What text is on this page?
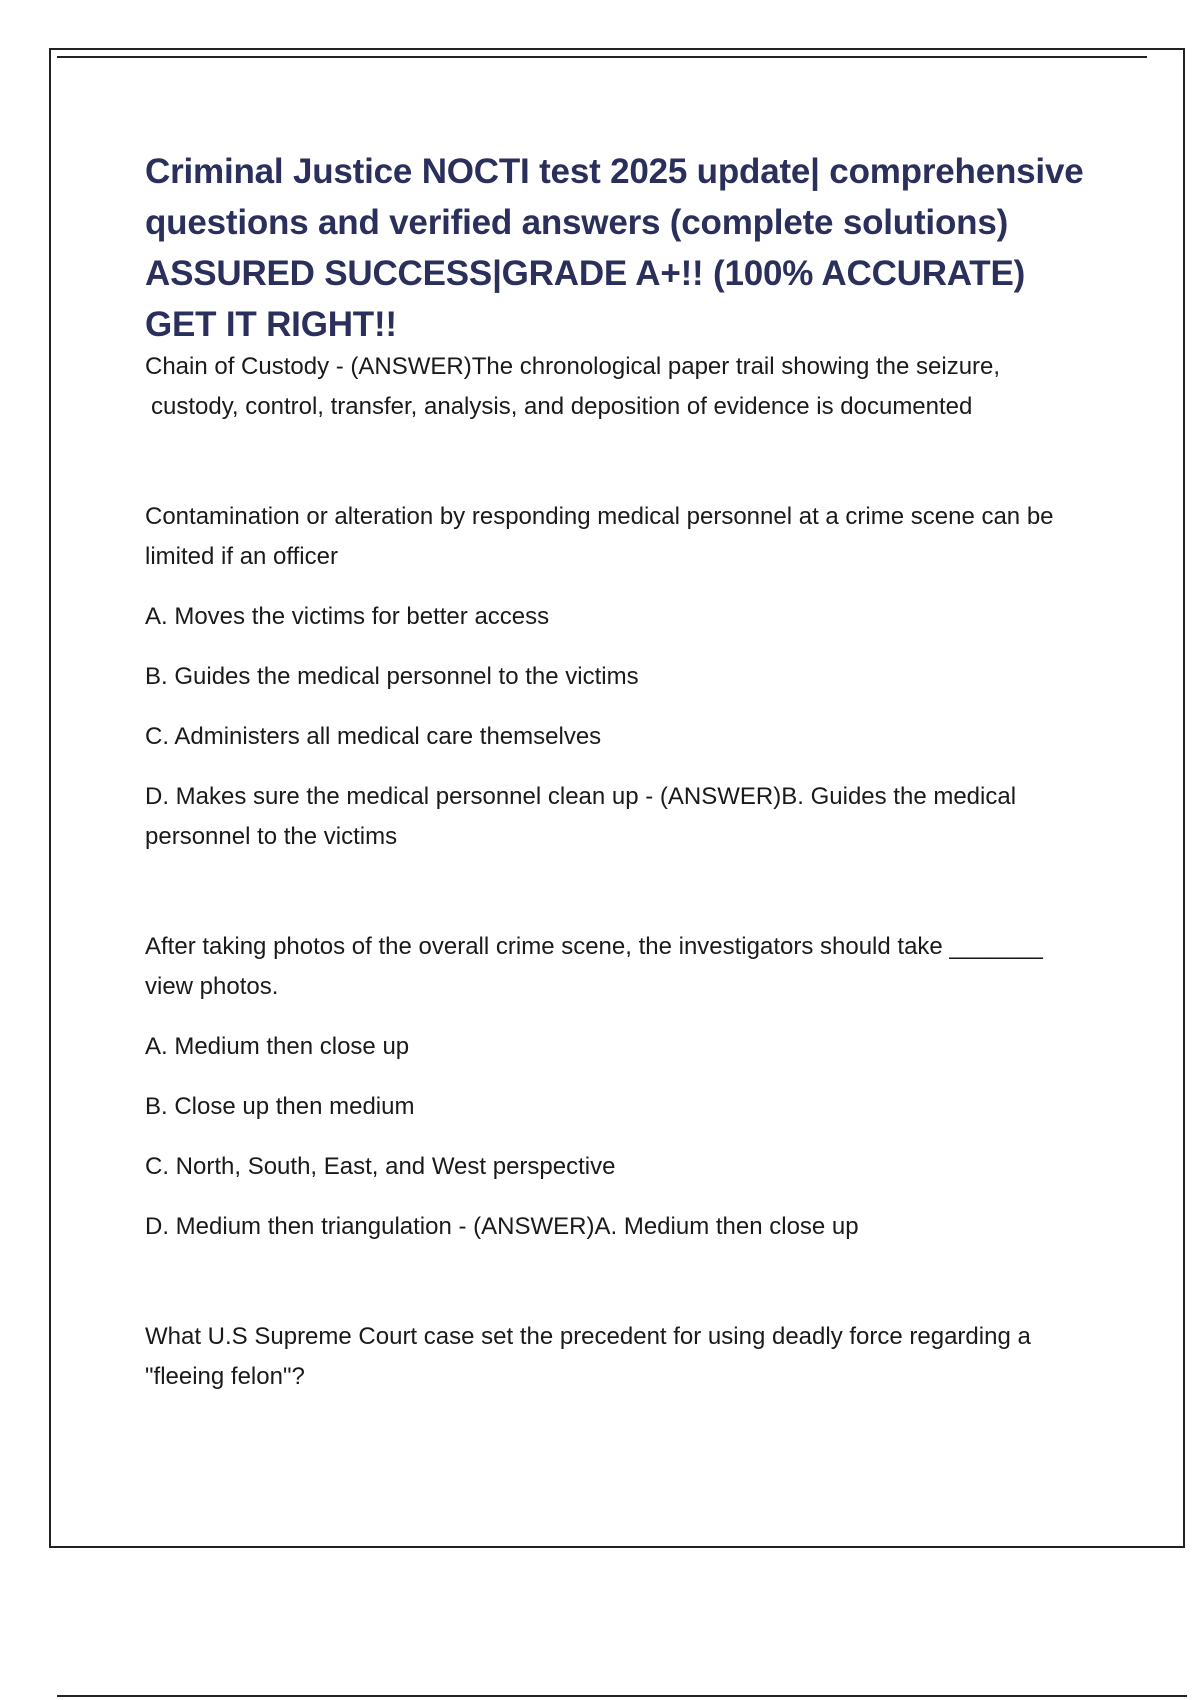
Criminal Justice NOCTI test 2025 update| comprehensive questions and verified answers (complete solutions) ASSURED SUCCESS|GRADE A+!! (100% ACCURATE) GET IT RIGHT!!

Chain of Custody - (ANSWER)The chronological paper trail showing the seizure, custody, control, transfer, analysis, and deposition of evidence is documented

Contamination or alteration by responding medical personnel at a crime scene can be limited if an officer

A. Moves the victims for better access

B. Guides the medical personnel to the victims

C. Administers all medical care themselves

D. Makes sure the medical personnel clean up - (ANSWER)B. Guides the medical personnel to the victims

After taking photos of the overall crime scene, the investigators should take _______ view photos.

A. Medium then close up

B. Close up then medium

C. North, South, East, and West perspective

D. Medium then triangulation - (ANSWER)A. Medium then close up

What U.S Supreme Court case set the precedent for using deadly force regarding a "fleeing felon"?
